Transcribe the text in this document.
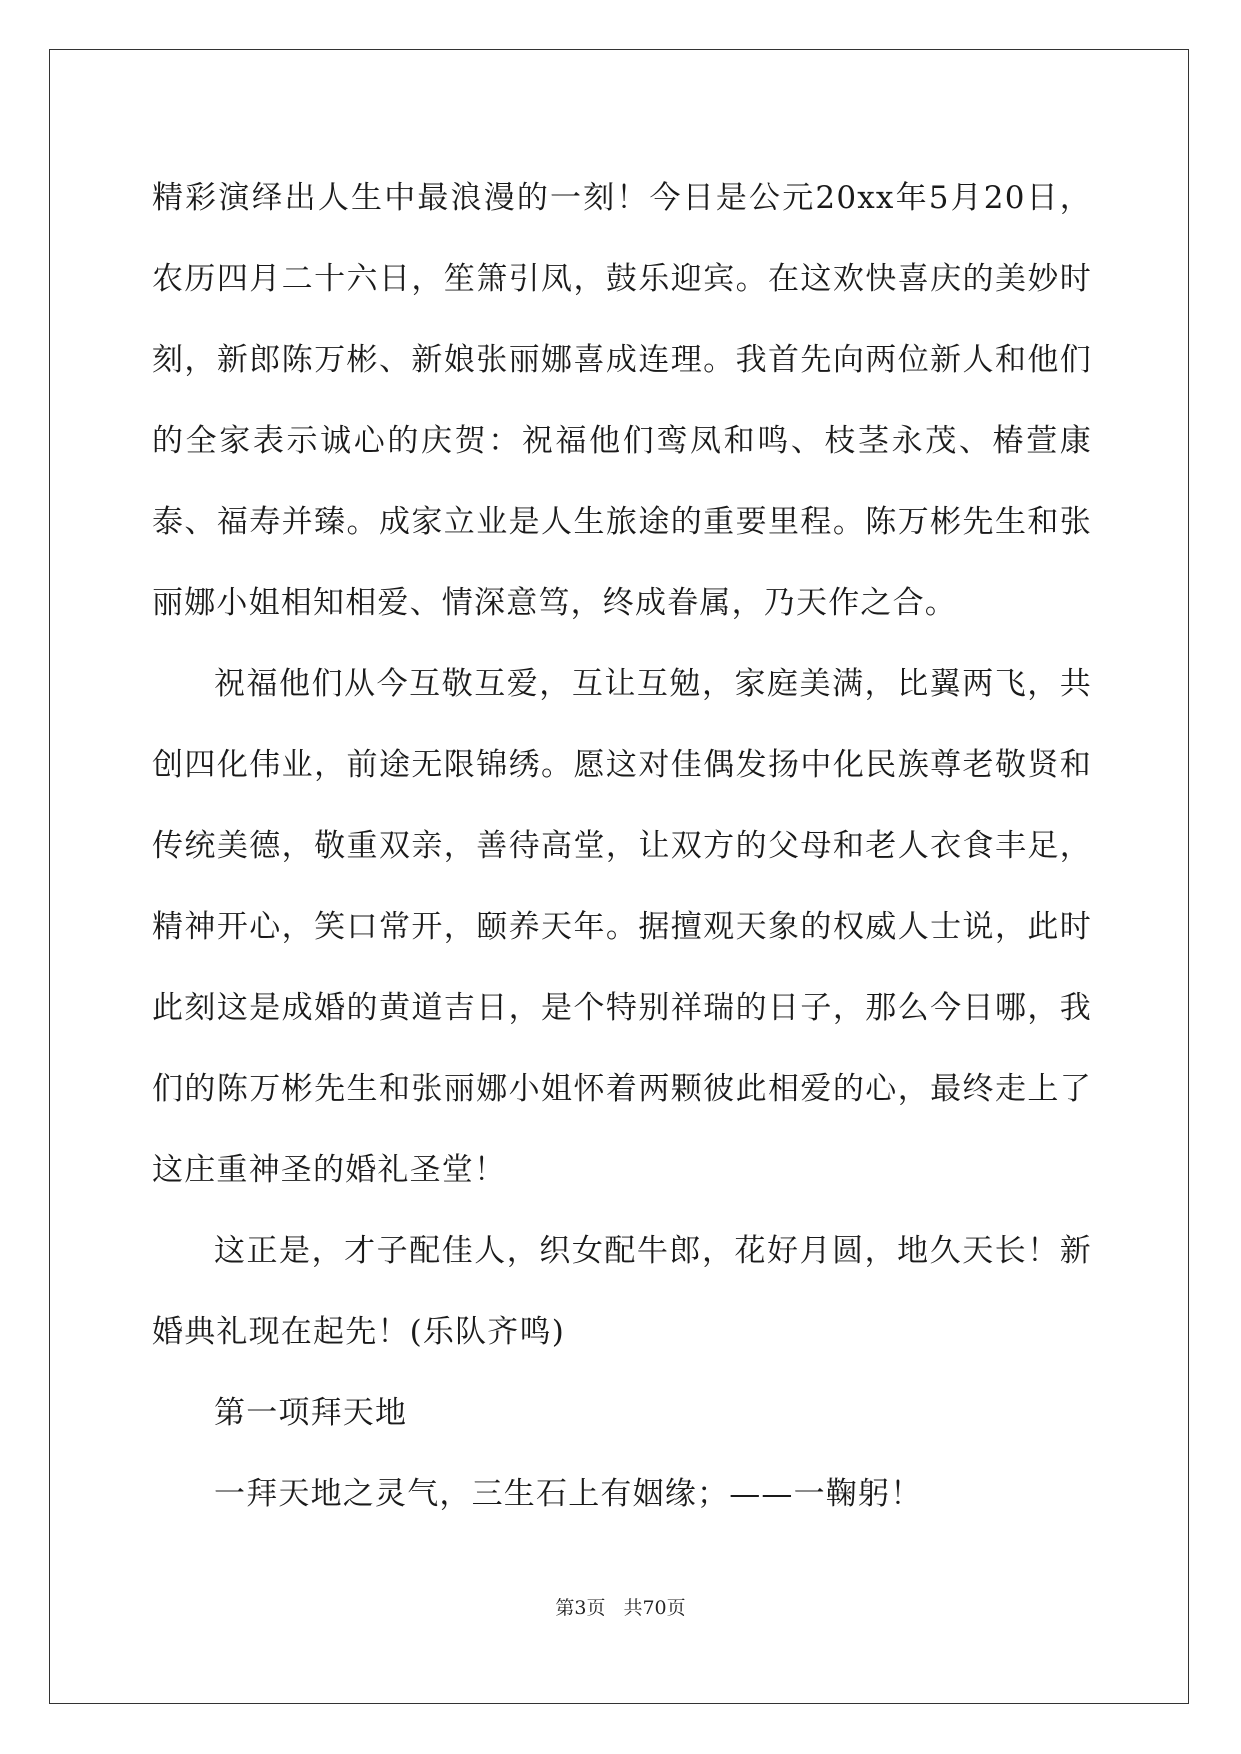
精彩演绎出人生中最浪漫的一刻！今日是公元20xx年5月20日，农历四月二十六日，笙箫引凤，鼓乐迎宾。在这欢快喜庆的美妙时刻，新郎陈万彬、新娘张丽娜喜成连理。我首先向两位新人和他们的全家表示诚心的庆贺：祝福他们鸾凤和鸣、枝茎永茂、椿萱康泰、福寿并臻。成家立业是人生旅途的重要里程。陈万彬先生和张丽娜小姐相知相爱、情深意笃，终成眷属，乃天作之合。

祝福他们从今互敬互爱，互让互勉，家庭美满，比翼两飞，共创四化伟业，前途无限锦绣。愿这对佳偶发扬中化民族尊老敬贤和传统美德，敬重双亲，善待高堂，让双方的父母和老人衣食丰足，精神开心，笑口常开，颐养天年。据擅观天象的权威人士说，此时此刻这是成婚的黄道吉日，是个特别祥瑞的日子，那么今日哪，我们的陈万彬先生和张丽娜小姐怀着两颗彼此相爱的心，最终走上了这庄重神圣的婚礼圣堂！

这正是，才子配佳人，织女配牛郎，花好月圆，地久天长！新婚典礼现在起先！(乐队齐鸣)

第一项拜天地

一拜天地之灵气，三生石上有姻缘；——一鞠躬！

第3页 共70页
